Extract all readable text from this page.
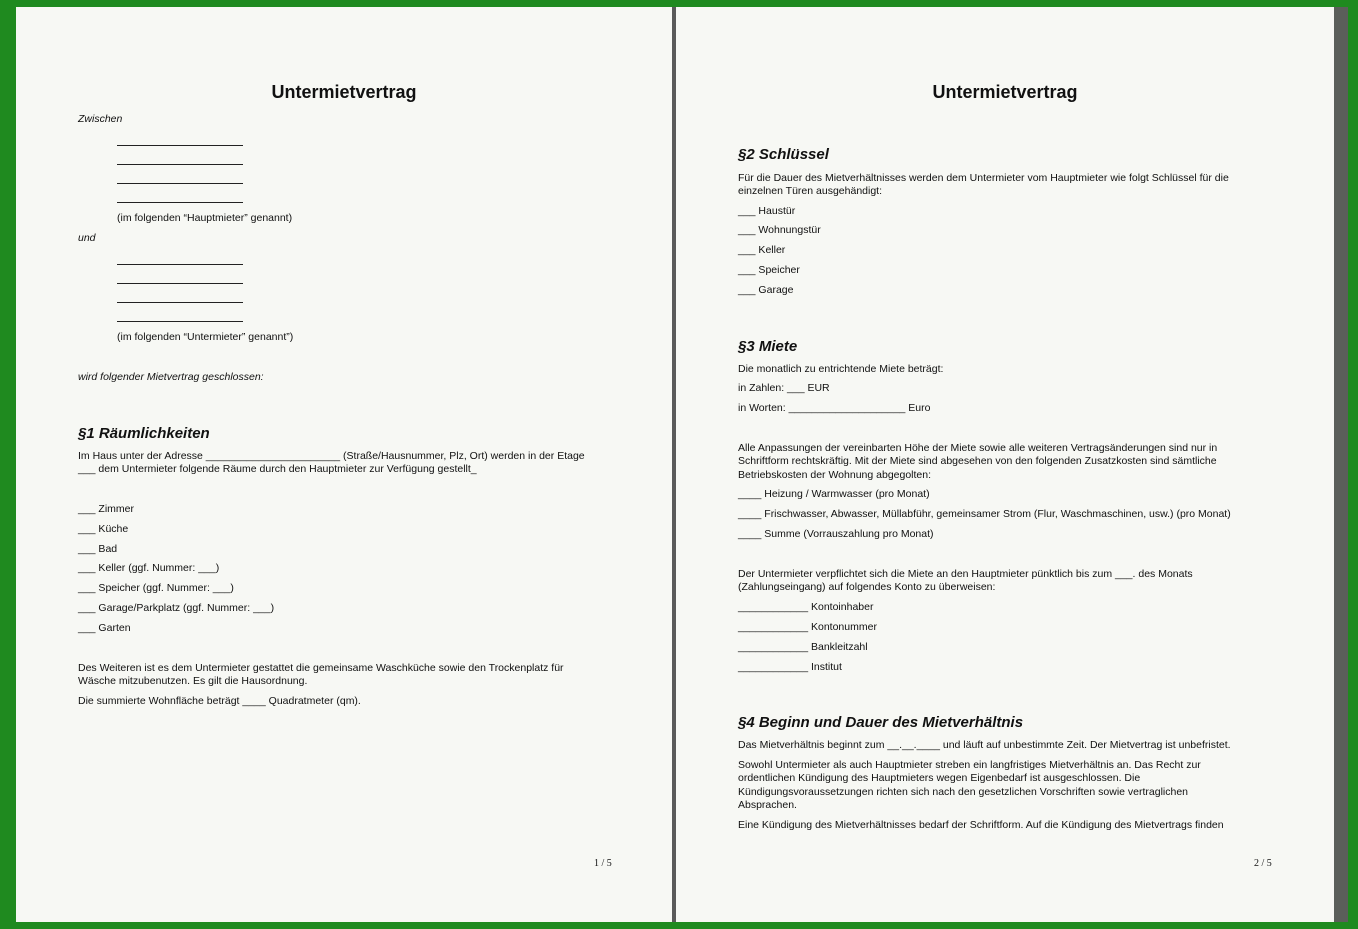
Untermietvertrag
Zwischen
(im folgenden “Hauptmieter” genannt)
und
(im folgenden “Untermieter” genannt”)
wird folgender Mietvertrag geschlossen:
§1 Räumlichkeiten
Im Haus unter der Adresse _______________________ (Straße/Hausnummer, Plz, Ort) werden in der Etage
___ dem Untermieter folgende Räume durch den Hauptmieter zur Verfügung gestellt_
___ Zimmer
___ Küche
___ Bad
___ Keller (ggf. Nummer: ___)
___ Speicher (ggf. Nummer: ___)
___ Garage/Parkplatz (ggf. Nummer: ___)
___ Garten
Des Weiteren ist es dem Untermieter gestattet die gemeinsame Waschküche sowie den Trockenplatz für
Wäsche mitzubenutzen. Es gilt die Hausordnung.
Die summierte Wohnfläche beträgt ____ Quadratmeter (qm).
1 / 5
Untermietvertrag
§2 Schlüssel
Für die Dauer des Mietverhältnisses werden dem Untermieter vom Hauptmieter wie folgt Schlüssel für die
einzelnen Türen ausgehändigt:
___ Haustür
___ Wohnungstür
___ Keller
___ Speicher
___ Garage
§3 Miete
Die monatlich zu entrichtende Miete beträgt:
in Zahlen: ___ EUR
in Worten: ____________________ Euro
Alle Anpassungen der vereinbarten Höhe der Miete sowie alle weiteren Vertragsänderungen sind nur in
Schriftform rechtskräftig. Mit der Miete sind abgesehen von den folgenden Zusatzkosten sind sämtliche
Betriebskosten der Wohnung abgegolten:
____ Heizung / Warmwasser (pro Monat)
____ Frischwasser, Abwasser, Müllabführ, gemeinsamer Strom (Flur, Waschmaschinen, usw.) (pro Monat)
____ Summe (Vorrauszahlung pro Monat)
Der Untermieter verpflichtet sich die Miete an den Hauptmieter pünktlich bis zum ___. des Monats
(Zahlungseingang) auf folgendes Konto zu überweisen:
____________ Kontoinhaber
____________ Kontonummer
____________ Bankleitzahl
____________ Institut
§4 Beginn und Dauer des Mietverhältnis
Das Mietverhältnis beginnt zum __.__.____ und läuft auf unbestimmte Zeit. Der Mietvertrag ist unbefristet.
Sowohl Untermieter als auch Hauptmieter streben ein langfristiges Mietverhältnis an. Das Recht zur
ordentlichen Kündigung des Hauptmieters wegen Eigenbedarf ist ausgeschlossen. Die
Kündigungsvoraussetzungen richten sich nach den gesetzlichen Vorschriften sowie vertraglichen
Absprachen.
Eine Kündigung des Mietverhältnisses bedarf der Schriftform. Auf die Kündigung des Mietvertrags finden
2 / 5
